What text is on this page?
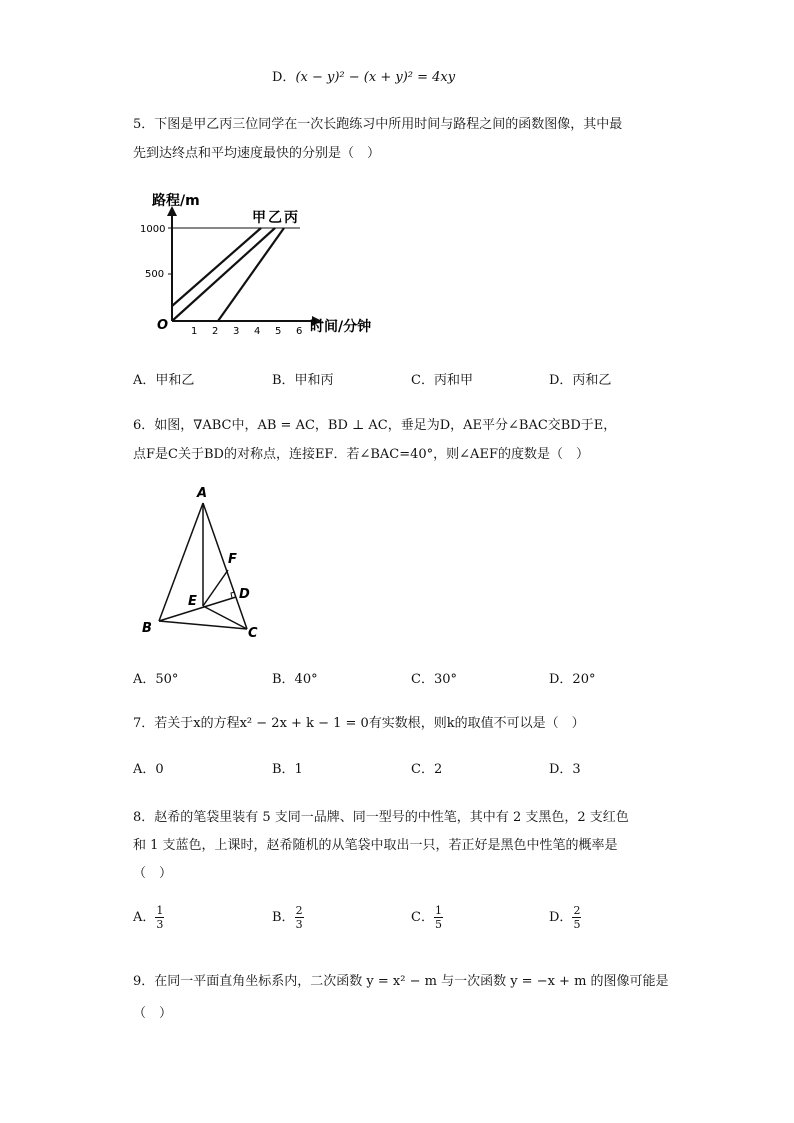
D．(x − y)² − (x + y)² = 4xy
5．下图是甲乙丙三位同学在一次长跑练习中所用时间与路程之间的函数图像，其中最
先到达终点和平均速度最快的分别是（　）
路程/m
1000
500
O 1 2 3 4 5 6 时间/分钟
甲 乙 丙
A．甲和乙	B．甲和丙	C．丙和甲	D．丙和乙
6．如图，∇ABC中，AB = AC，BD ⊥ AC，垂足为D，AE平分∠BAC交BD于E，
点F是C关于BD的对称点，连接EF．若∠BAC=40°，则∠AEF的度数是（　）
A
B	C
D
E
F
A．50°	B．40°	C．30°	D．20°
7．若关于x的方程x² − 2x + k − 1 = 0有实数根，则k的取值不可以是（　）
A．0	B．1	C．2	D．3
8．赵希的笔袋里装有 5 支同一品牌、同一型号的中性笔，其中有 2 支黑色，2 支红色
和 1 支蓝色，上课时，赵希随机的从笔袋中取出一只，若正好是黑色中性笔的概率是
（　）
A． $\frac{1}{3}$	B． $\frac{2}{3}$	C． $\frac{1}{5}$	D． $\frac{2}{5}$
9．在同一平面直角坐标系内，二次函数 y = x² − m 与一次函数 y = −x + m 的图像可能是
（　）
